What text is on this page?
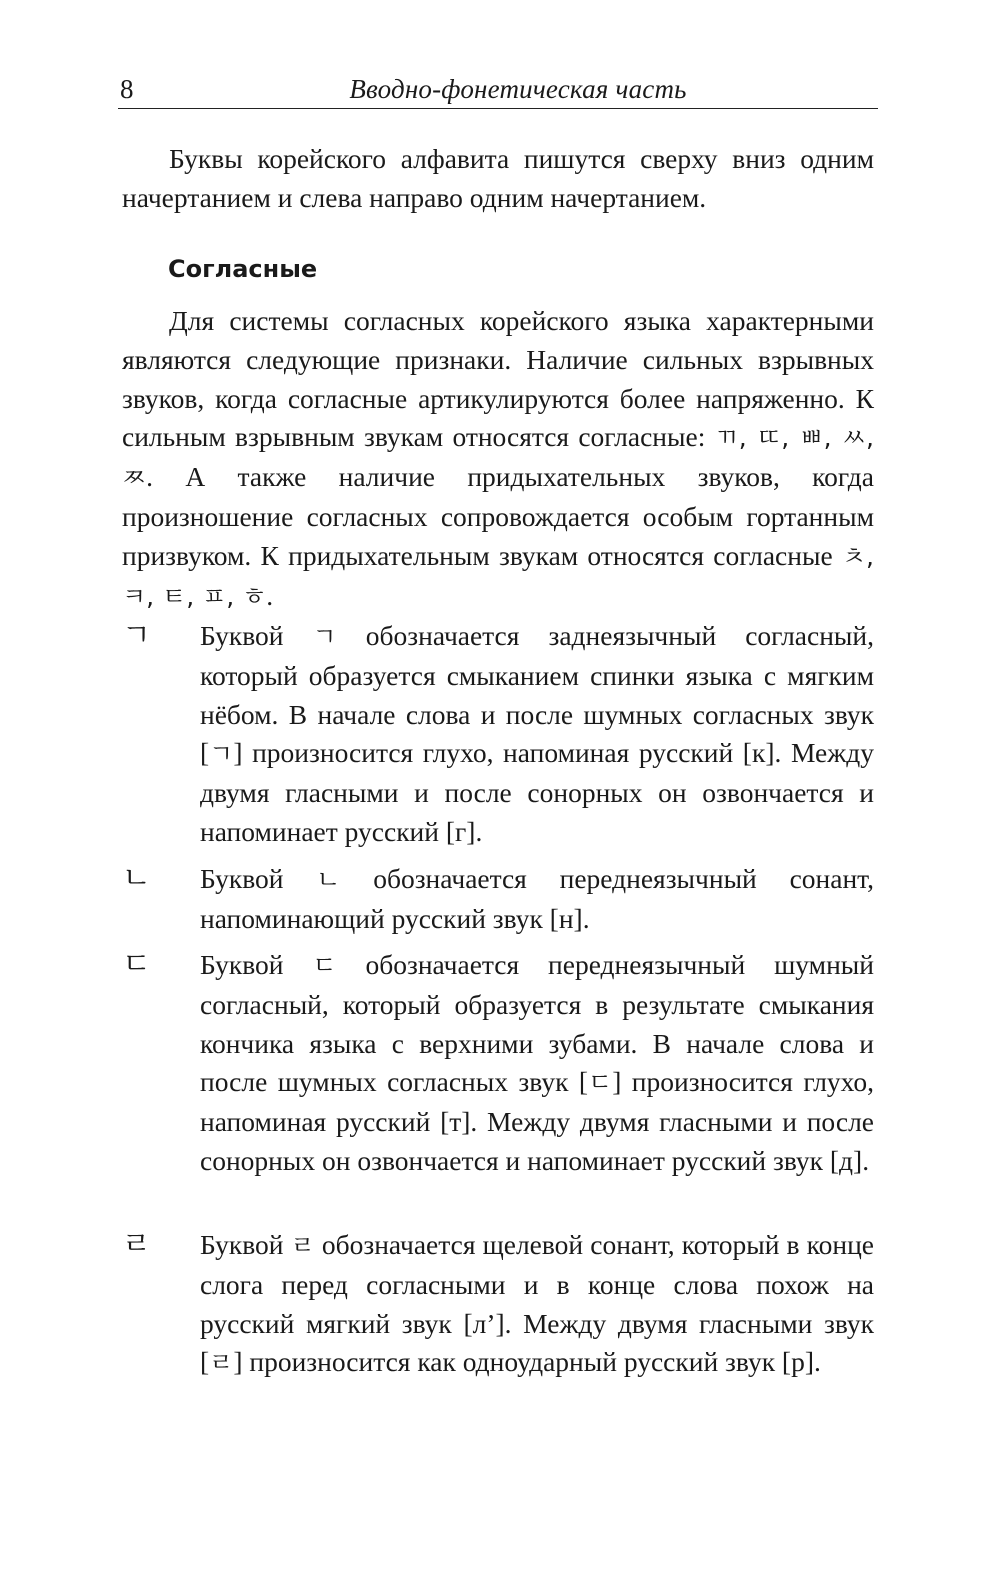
8	Вводно-фонетическая часть

Буквы корейского алфавита пишутся сверху вниз одним начертанием и слева направо одним начертанием.

Согласные

Для системы согласных корейского языка характерными являются следующие признаки. Наличие сильных взрывных звуков, когда согласные артикулируются более напряженно. К сильным взрывным звукам относятся согласные: ㄲ, ㄸ, ㅃ, ㅆ, ㅉ. А также наличие придыхательных звуков, когда произношение согласных сопровождается особым гортанным призвуком. К придыхательным звукам относятся согласные ㅊ, ㅋ, ㅌ, ㅍ, ㅎ.

ㄱ Буквой ㄱ обозначается заднеязычный согласный, который образуется смыканием спинки языка с мягким нёбом. В начале слова и после шумных согласных звук [ㄱ] произносится глухо, напоминая русский [к]. Между двумя гласными и после сонорных он озвончается и напоминает русский [г].
ㄴ Буквой ㄴ обозначается переднеязычный сонант, напоминающий русский звук [н].
ㄷ Буквой ㄷ обозначается переднеязычный шумный согласный, который образуется в результате смыкания кончика языка с верхними зубами. В начале слова и после шумных согласных звук [ㄷ] произносится глухо, напоминая русский [т]. Между двумя гласными и после сонорных он озвончается и напоминает русский звук [д].
ㄹ Буквой ㄹ обозначается щелевой сонант, который в конце слога перед согласными и в конце слова похож на русский мягкий звук [л’]. Между двумя гласными звук [ㄹ] произносится как одноударный русский звук [р].
